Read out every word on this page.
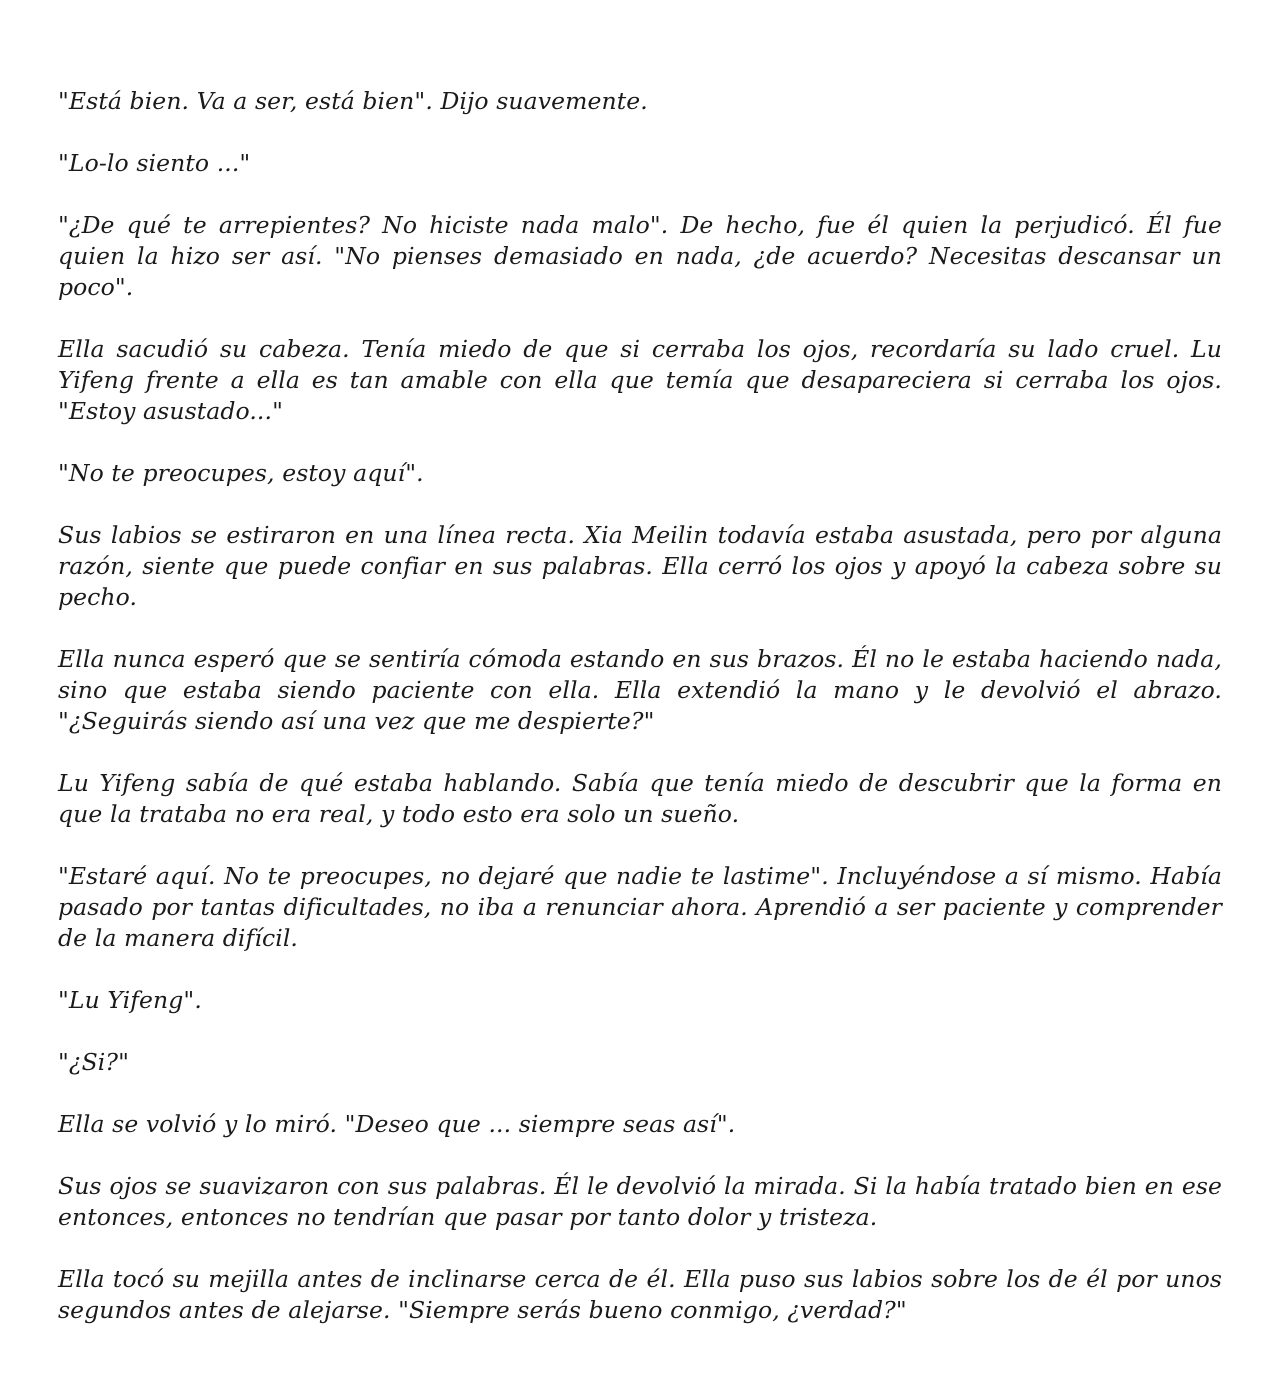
"Está bien. Va a ser, está bien". Dijo suavemente.

"Lo-lo siento ..."

"¿De qué te arrepientes? No hiciste nada malo". De hecho, fue él quien la perjudicó. Él fue quien la hizo ser así. "No pienses demasiado en nada, ¿de acuerdo? Necesitas descansar un poco".

Ella sacudió su cabeza. Tenía miedo de que si cerraba los ojos, recordaría su lado cruel. Lu Yifeng frente a ella es tan amable con ella que temía que desapareciera si cerraba los ojos. "Estoy asustado..."

"No te preocupes, estoy aquí".

Sus labios se estiraron en una línea recta. Xia Meilin todavía estaba asustada, pero por alguna razón, siente que puede confiar en sus palabras. Ella cerró los ojos y apoyó la cabeza sobre su pecho.

Ella nunca esperó que se sentiría cómoda estando en sus brazos. Él no le estaba haciendo nada, sino que estaba siendo paciente con ella. Ella extendió la mano y le devolvió el abrazo. "¿Seguirás siendo así una vez que me despierte?"

Lu Yifeng sabía de qué estaba hablando. Sabía que tenía miedo de descubrir que la forma en que la trataba no era real, y todo esto era solo un sueño.

"Estaré aquí. No te preocupes, no dejaré que nadie te lastime". Incluyéndose a sí mismo. Había pasado por tantas dificultades, no iba a renunciar ahora. Aprendió a ser paciente y comprender de la manera difícil.

"Lu Yifeng".

"¿Si?"

Ella se volvió y lo miró. "Deseo que ... siempre seas así".

Sus ojos se suavizaron con sus palabras. Él le devolvió la mirada. Si la había tratado bien en ese entonces, entonces no tendrían que pasar por tanto dolor y tristeza.

Ella tocó su mejilla antes de inclinarse cerca de él. Ella puso sus labios sobre los de él por unos segundos antes de alejarse. "Siempre serás bueno conmigo, ¿verdad?"
